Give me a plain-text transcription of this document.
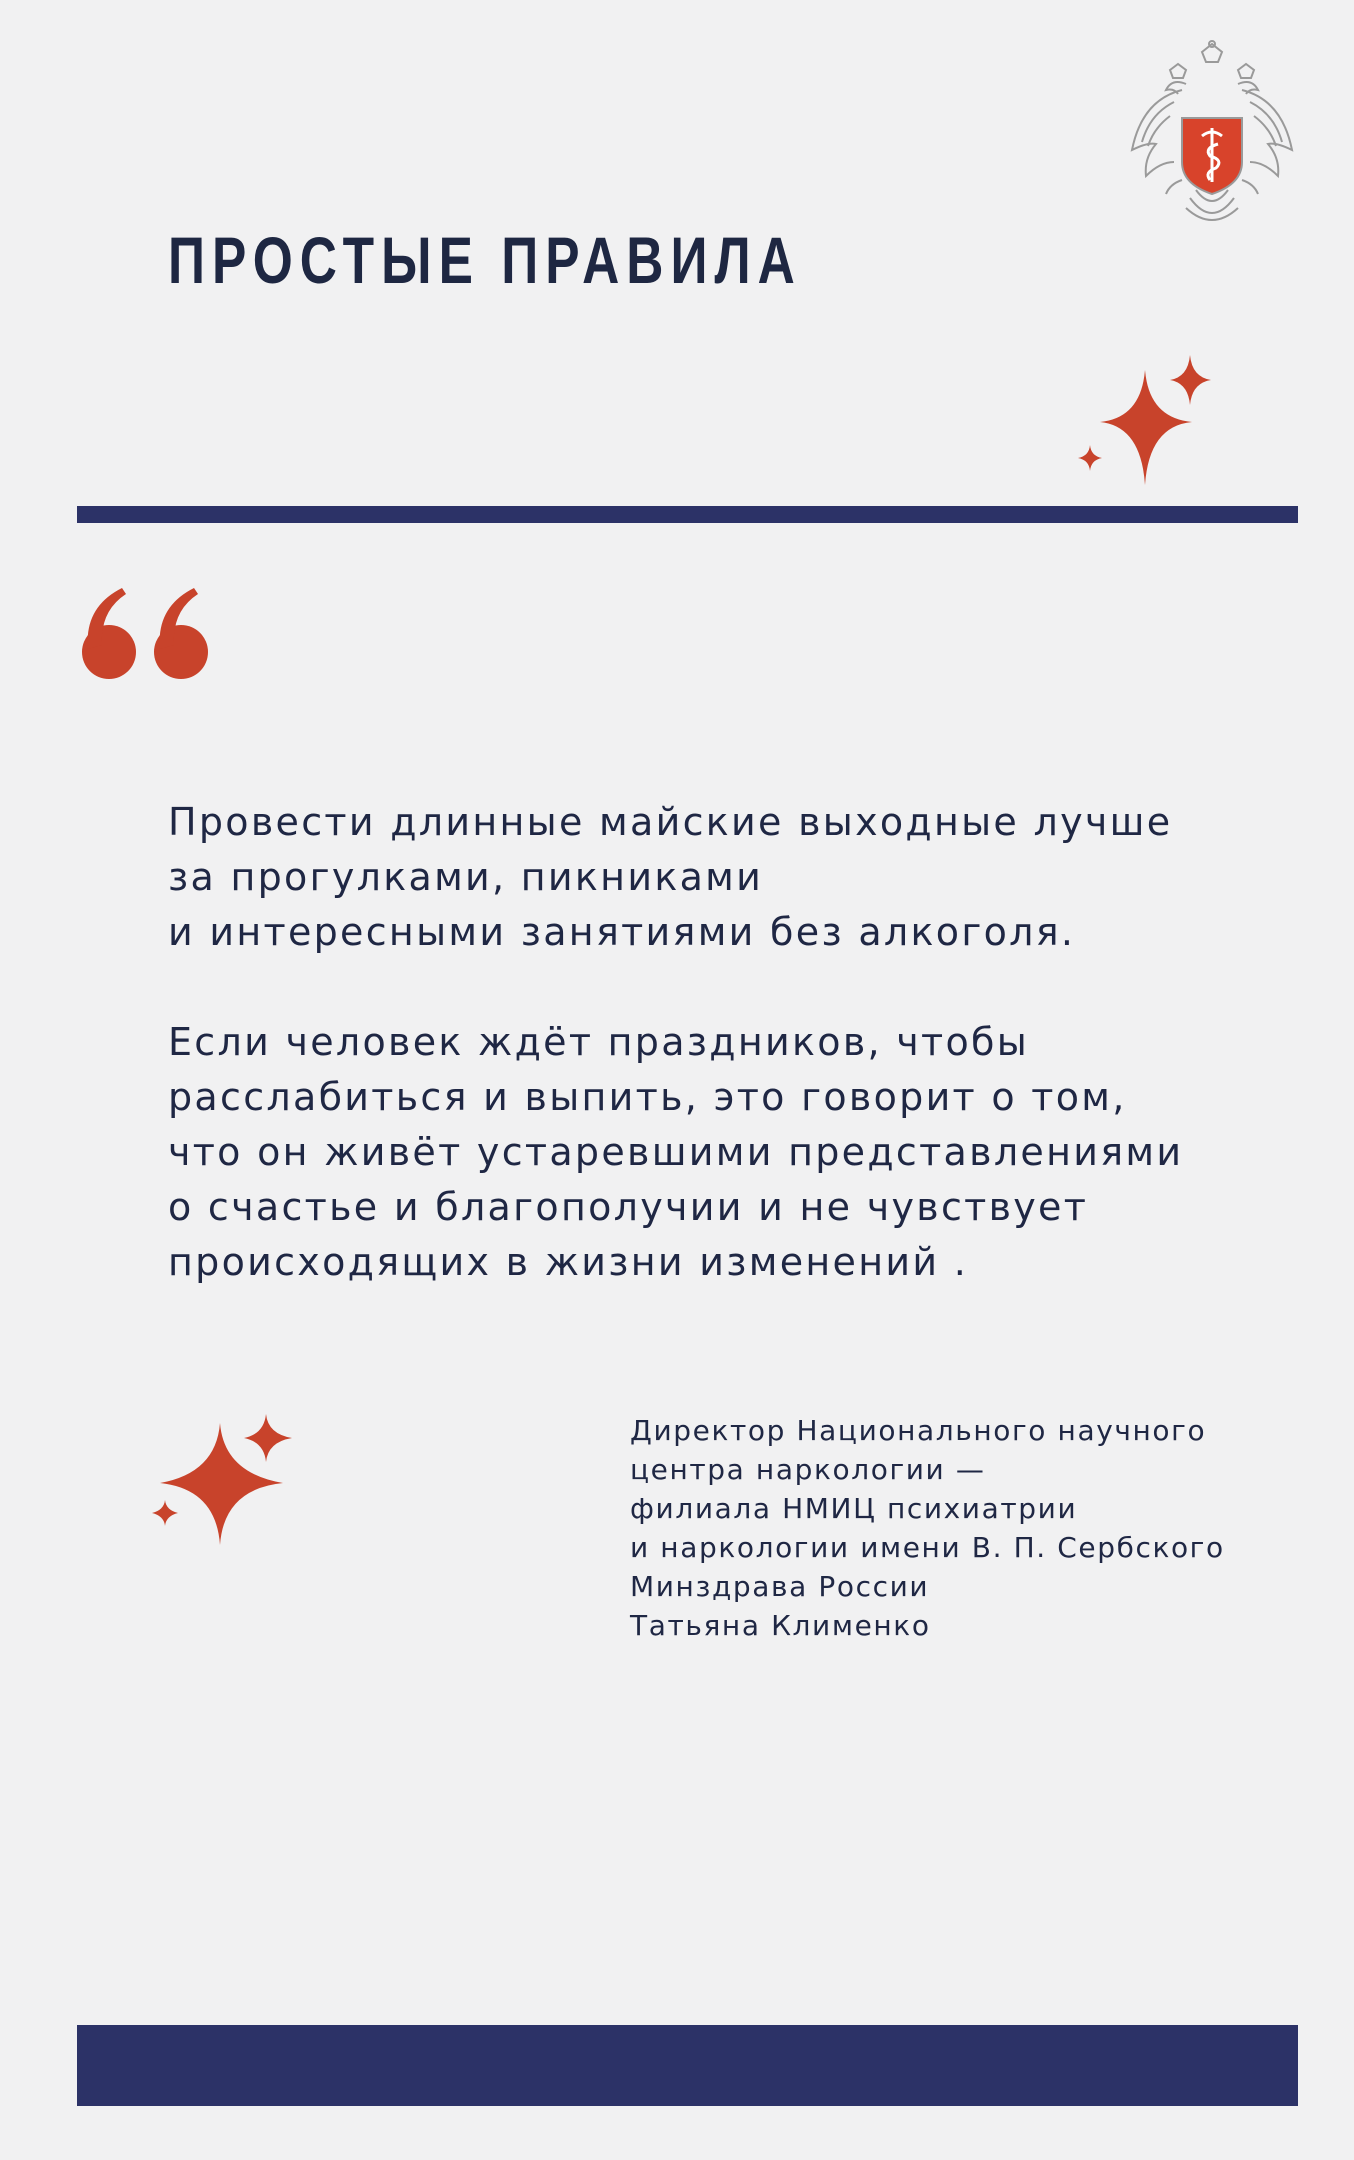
ПРОСТЫЕ ПРАВИЛА

Провести длинные майские выходные лучше
за прогулками, пикниками
и интересными занятиями без алкоголя.

Если человек ждёт праздников, чтобы
расслабиться и выпить, это говорит о том,
что он живёт устаревшими представлениями
о счастье и благополучии и не чувствует
происходящих в жизни изменений .

Директор Национального научного
центра наркологии —
филиала НМИЦ психиатрии
и наркологии имени В. П. Сербского
Минздрава России
Татьяна Клименко
